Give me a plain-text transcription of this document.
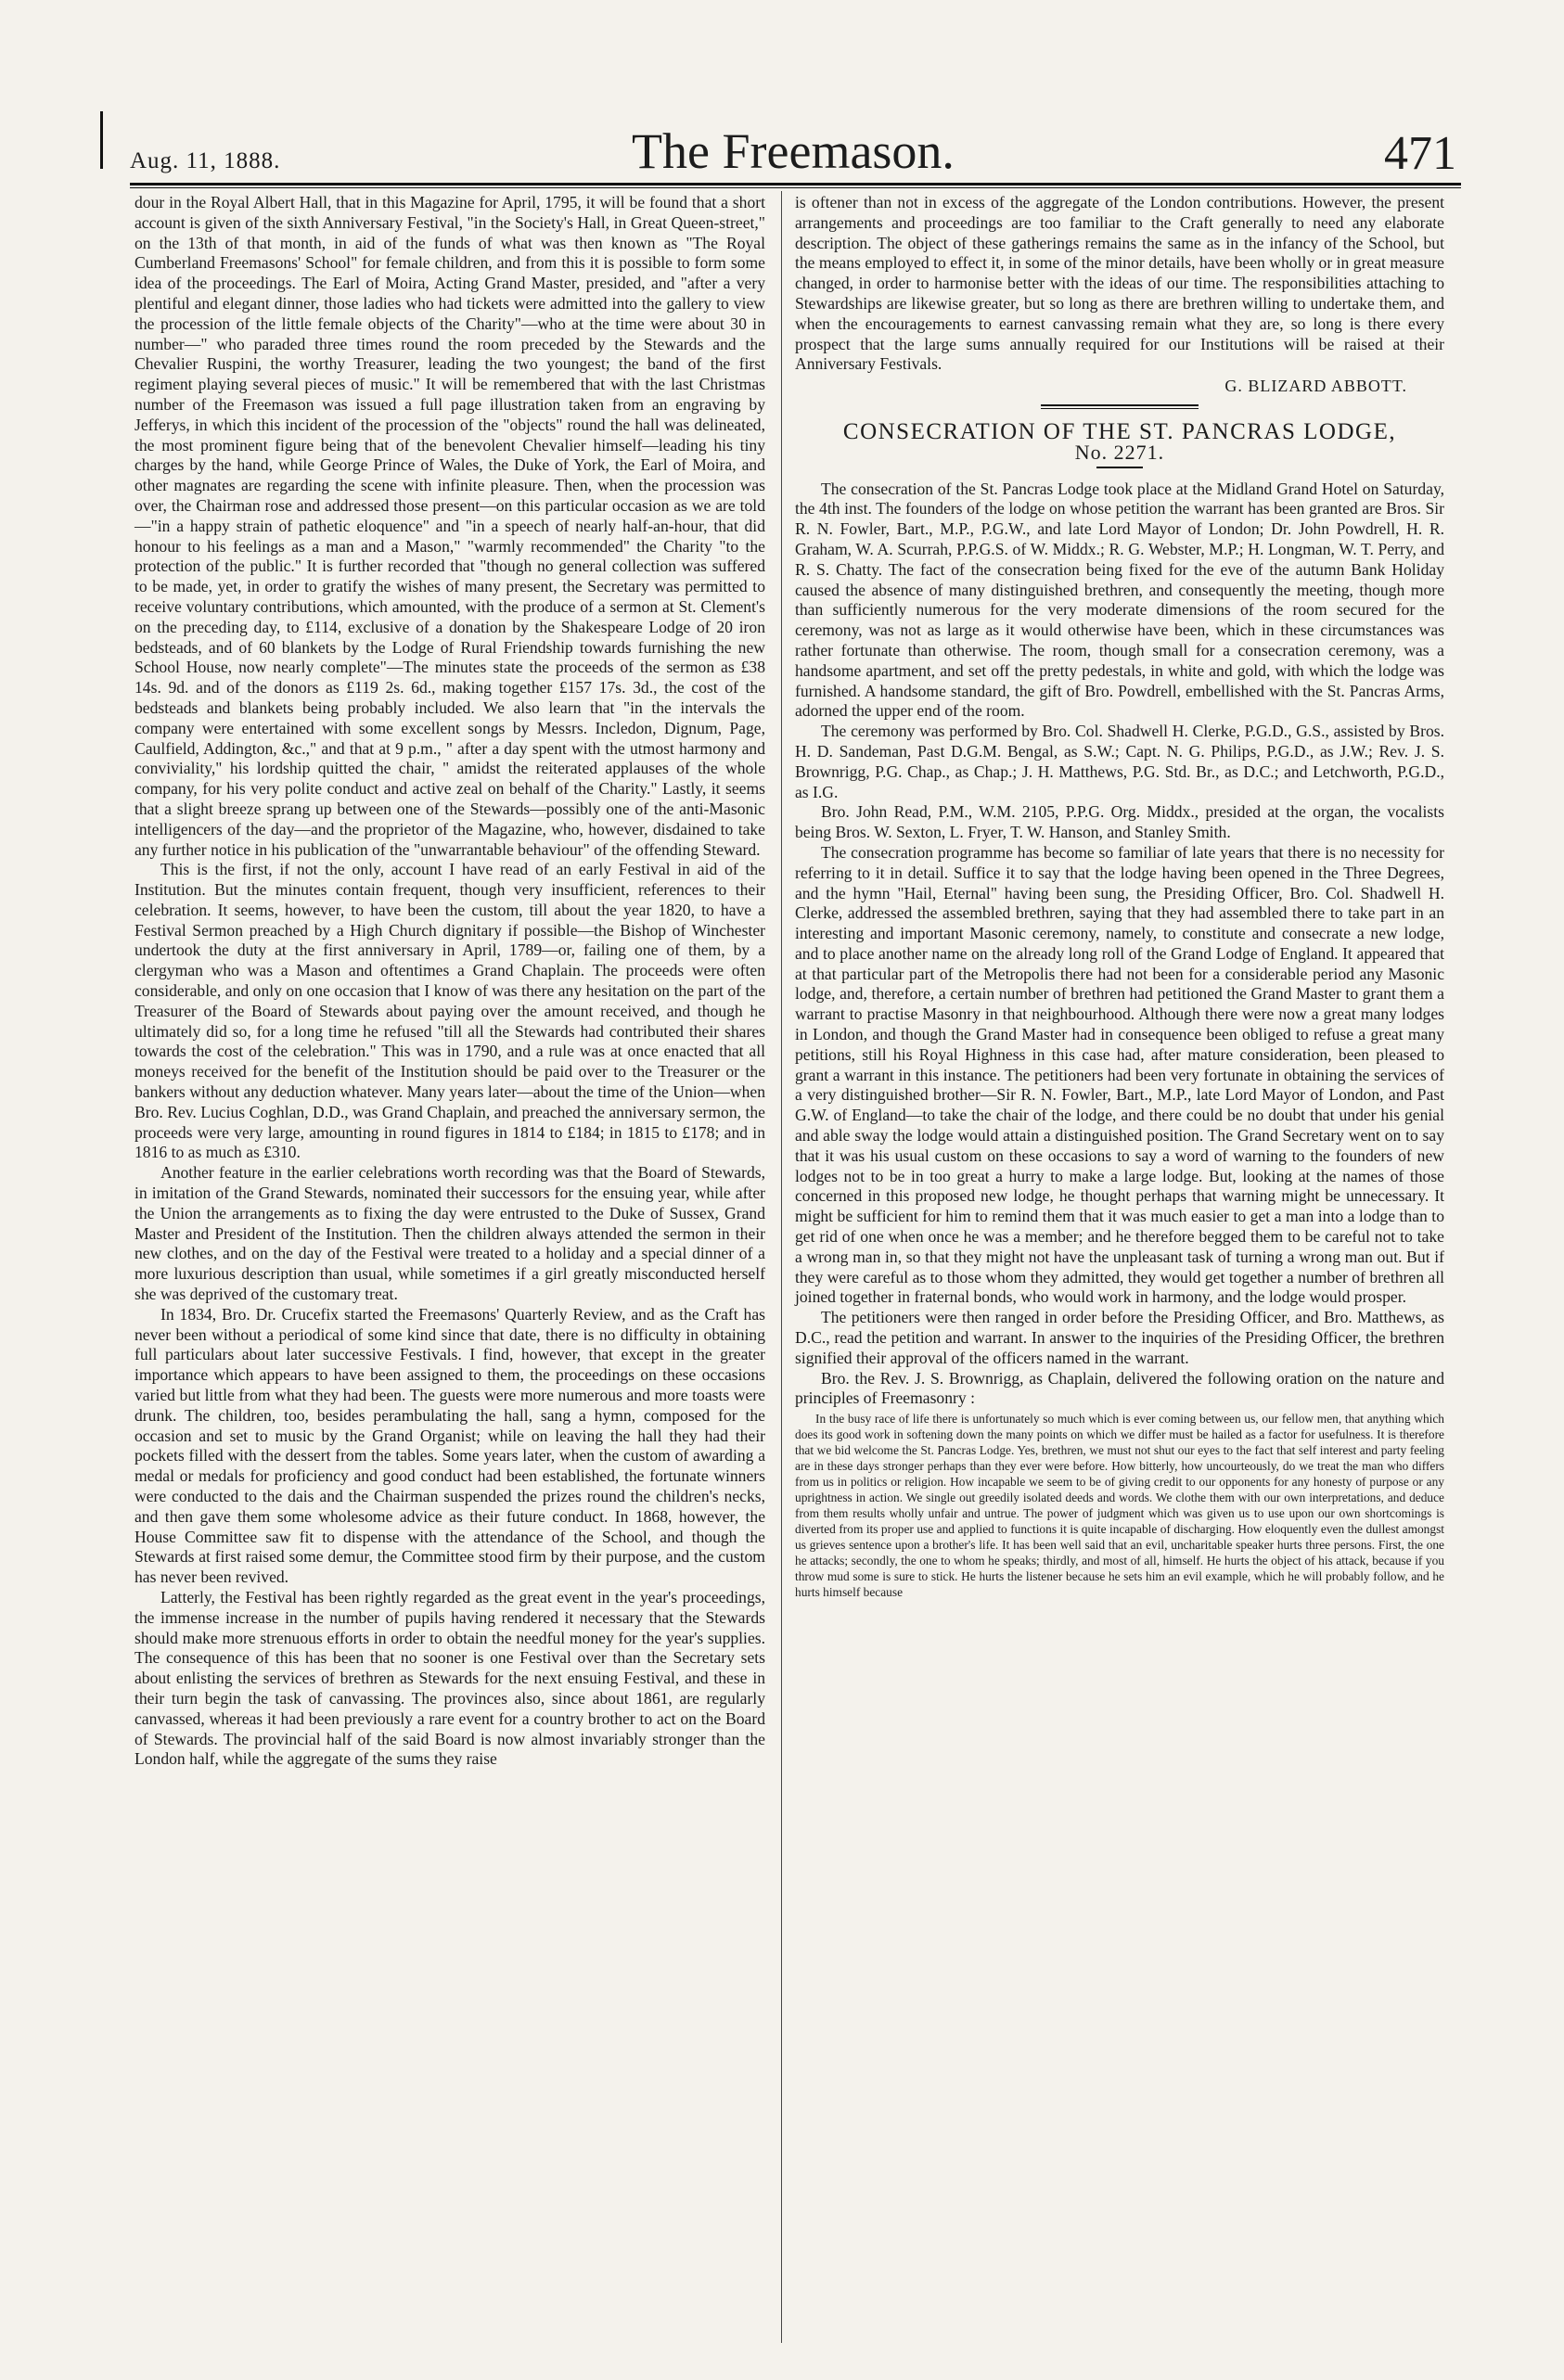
Aug. 11, 1888.	The Freemason.	471

dour in the Royal Albert Hall, that in this Magazine for April, 1795, it will be found that a short account is given of the sixth Anniversary Festival, "in the Society's Hall, in Great Queen-street," on the 13th of that month, in aid of the funds of what was then known as "The Royal Cumberland Freemasons' School" for female children, and from this it is possible to form some idea of the proceedings. The Earl of Moira, Acting Grand Master, presided, and "after a very plentiful and elegant dinner, those ladies who had tickets were admitted into the gallery to view the procession of the little female objects of the Charity"—who at the time were about 30 in number—" who paraded three times round the room preceded by the Stewards and the Chevalier Ruspini, the worthy Treasurer, leading the two youngest; the band of the first regiment playing several pieces of music." It will be remembered that with the last Christmas number of the Freemason was issued a full page illustration taken from an engraving by Jefferys, in which this incident of the procession of the "objects" round the hall was delineated, the most prominent figure being that of the benevolent Chevalier himself—leading his tiny charges by the hand, while George Prince of Wales, the Duke of York, the Earl of Moira, and other magnates are regarding the scene with infinite pleasure. Then, when the procession was over, the Chairman rose and addressed those present—on this particular occasion as we are told—"in a happy strain of pathetic eloquence" and "in a speech of nearly half-an-hour, that did honour to his feelings as a man and a Mason," "warmly recommended" the Charity "to the protection of the public." It is further recorded that "though no general collection was suffered to be made, yet, in order to gratify the wishes of many present, the Secretary was permitted to receive voluntary contributions, which amounted, with the produce of a sermon at St. Clement's on the preceding day, to £114, exclusive of a donation by the Shakespeare Lodge of 20 iron bedsteads, and of 60 blankets by the Lodge of Rural Friendship towards furnishing the new School House, now nearly complete"—The minutes state the proceeds of the sermon as £38 14s. 9d. and of the donors as £119 2s. 6d., making together £157 17s. 3d., the cost of the bedsteads and blankets being probably included. We also learn that "in the intervals the company were entertained with some excellent songs by Messrs. Incledon, Dignum, Page, Caulfield, Addington, &c.," and that at 9 p.m., " after a day spent with the utmost harmony and conviviality," his lordship quitted the chair, " amidst the reiterated applauses of the whole company, for his very polite conduct and active zeal on behalf of the Charity." Lastly, it seems that a slight breeze sprang up between one of the Stewards—possibly one of the anti-Masonic intelligencers of the day—and the proprietor of the Magazine, who, however, disdained to take any further notice in his publication of the "unwarrantable behaviour" of the offending Steward.

This is the first, if not the only, account I have read of an early Festival in aid of the Institution. But the minutes contain frequent, though very insufficient, references to their celebration. It seems, however, to have been the custom, till about the year 1820, to have a Festival Sermon preached by a High Church dignitary if possible—the Bishop of Winchester undertook the duty at the first anniversary in April, 1789—or, failing one of them, by a clergyman who was a Mason and oftentimes a Grand Chaplain. The proceeds were often considerable, and only on one occasion that I know of was there any hesitation on the part of the Treasurer of the Board of Stewards about paying over the amount received, and though he ultimately did so, for a long time he refused "till all the Stewards had contributed their shares towards the cost of the celebration." This was in 1790, and a rule was at once enacted that all moneys received for the benefit of the Institution should be paid over to the Treasurer or the bankers without any deduction whatever. Many years later—about the time of the Union—when Bro. Rev. Lucius Coghlan, D.D., was Grand Chaplain, and preached the anniversary sermon, the proceeds were very large, amounting in round figures in 1814 to £184; in 1815 to £178; and in 1816 to as much as £310.

Another feature in the earlier celebrations worth recording was that the Board of Stewards, in imitation of the Grand Stewards, nominated their successors for the ensuing year, while after the Union the arrangements as to fixing the day were entrusted to the Duke of Sussex, Grand Master and President of the Institution. Then the children always attended the sermon in their new clothes, and on the day of the Festival were treated to a holiday and a special dinner of a more luxurious description than usual, while sometimes if a girl greatly misconducted herself she was deprived of the customary treat.

In 1834, Bro. Dr. Crucefix started the Freemasons' Quarterly Review, and as the Craft has never been without a periodical of some kind since that date, there is no difficulty in obtaining full particulars about later successive Festivals. I find, however, that except in the greater importance which appears to have been assigned to them, the proceedings on these occasions varied but little from what they had been. The guests were more numerous and more toasts were drunk. The children, too, besides perambulating the hall, sang a hymn, composed for the occasion and set to music by the Grand Organist; while on leaving the hall they had their pockets filled with the dessert from the tables. Some years later, when the custom of awarding a medal or medals for proficiency and good conduct had been established, the fortunate winners were conducted to the dais and the Chairman suspended the prizes round the children's necks, and then gave them some wholesome advice as their future conduct. In 1868, however, the House Committee saw fit to dispense with the attendance of the School, and though the Stewards at first raised some demur, the Committee stood firm by their purpose, and the custom has never been revived.

Latterly, the Festival has been rightly regarded as the great event in the year's proceedings, the immense increase in the number of pupils having rendered it necessary that the Stewards should make more strenuous efforts in order to obtain the needful money for the year's supplies. The consequence of this has been that no sooner is one Festival over than the Secretary sets about enlisting the services of brethren as Stewards for the next ensuing Festival, and these in their turn begin the task of canvassing. The provinces also, since about 1861, are regularly canvassed, whereas it had been previously a rare event for a country brother to act on the Board of Stewards. The provincial half of the said Board is now almost invariably stronger than the London half, while the aggregate of the sums they raise

is oftener than not in excess of the aggregate of the London contributions. However, the present arrangements and proceedings are too familiar to the Craft generally to need any elaborate description. The object of these gatherings remains the same as in the infancy of the School, but the means employed to effect it, in some of the minor details, have been wholly or in great measure changed, in order to harmonise better with the ideas of our time. The responsibilities attaching to Stewardships are likewise greater, but so long as there are brethren willing to undertake them, and when the encouragements to earnest canvassing remain what they are, so long is there every prospect that the large sums annually required for our Institutions will be raised at their Anniversary Festivals.

G. BLIZARD ABBOTT.
CONSECRATION OF THE ST. PANCRAS LODGE,
No. 2271.

The consecration of the St. Pancras Lodge took place at the Midland Grand Hotel on Saturday, the 4th inst. The founders of the lodge on whose petition the warrant has been granted are Bros. Sir R. N. Fowler, Bart., M.P., P.G.W., and late Lord Mayor of London; Dr. John Powdrell, H. R. Graham, W. A. Scurrah, P.P.G.S. of W. Middx.; R. G. Webster, M.P.; H. Longman, W. T. Perry, and R. S. Chatty. The fact of the consecration being fixed for the eve of the autumn Bank Holiday caused the absence of many distinguished brethren, and consequently the meeting, though more than sufficiently numerous for the very moderate dimensions of the room secured for the ceremony, was not as large as it would otherwise have been, which in these circumstances was rather fortunate than otherwise. The room, though small for a consecration ceremony, was a handsome apartment, and set off the pretty pedestals, in white and gold, with which the lodge was furnished. A handsome standard, the gift of Bro. Powdrell, embellished with the St. Pancras Arms, adorned the upper end of the room.

The ceremony was performed by Bro. Col. Shadwell H. Clerke, P.G.D., G.S., assisted by Bros. H. D. Sandeman, Past D.G.M. Bengal, as S.W.; Capt. N. G. Philips, P.G.D., as J.W.; Rev. J. S. Brownrigg, P.G. Chap., as Chap.; J. H. Matthews, P.G. Std. Br., as D.C.; and Letchworth, P.G.D., as I.G.

Bro. John Read, P.M., W.M. 2105, P.P.G. Org. Middx., presided at the organ, the vocalists being Bros. W. Sexton, L. Fryer, T. W. Hanson, and Stanley Smith.

The consecration programme has become so familiar of late years that there is no necessity for referring to it in detail. Suffice it to say that the lodge having been opened in the Three Degrees, and the hymn "Hail, Eternal" having been sung, the Presiding Officer, Bro. Col. Shadwell H. Clerke, addressed the assembled brethren, saying that they had assembled there to take part in an interesting and important Masonic ceremony, namely, to constitute and consecrate a new lodge, and to place another name on the already long roll of the Grand Lodge of England. It appeared that at that particular part of the Metropolis there had not been for a considerable period any Masonic lodge, and, therefore, a certain number of brethren had petitioned the Grand Master to grant them a warrant to practise Masonry in that neighbourhood. Although there were now a great many lodges in London, and though the Grand Master had in consequence been obliged to refuse a great many petitions, still his Royal Highness in this case had, after mature consideration, been pleased to grant a warrant in this instance. The petitioners had been very fortunate in obtaining the services of a very distinguished brother—Sir R. N. Fowler, Bart., M.P., late Lord Mayor of London, and Past G.W. of England—to take the chair of the lodge, and there could be no doubt that under his genial and able sway the lodge would attain a distinguished position. The Grand Secretary went on to say that it was his usual custom on these occasions to say a word of warning to the founders of new lodges not to be in too great a hurry to make a large lodge. But, looking at the names of those concerned in this proposed new lodge, he thought perhaps that warning might be unnecessary. It might be sufficient for him to remind them that it was much easier to get a man into a lodge than to get rid of one when once he was a member; and he therefore begged them to be careful not to take a wrong man in, so that they might not have the unpleasant task of turning a wrong man out. But if they were careful as to those whom they admitted, they would get together a number of brethren all joined together in fraternal bonds, who would work in harmony, and the lodge would prosper.

The petitioners were then ranged in order before the Presiding Officer, and Bro. Matthews, as D.C., read the petition and warrant. In answer to the inquiries of the Presiding Officer, the brethren signified their approval of the officers named in the warrant.

Bro. the Rev. J. S. Brownrigg, as Chaplain, delivered the following oration on the nature and principles of Freemasonry :

In the busy race of life there is unfortunately so much which is ever coming between us, our fellow men, that anything which does its good work in softening down the many points on which we differ must be hailed as a factor for usefulness. It is therefore that we bid welcome the St. Pancras Lodge. Yes, brethren, we must not shut our eyes to the fact that self interest and party feeling are in these days stronger perhaps than they ever were before. How bitterly, how uncourteously, do we treat the man who differs from us in politics or religion. How incapable we seem to be of giving credit to our opponents for any honesty of purpose or any uprightness in action. We single out greedily isolated deeds and words. We clothe them with our own interpretations, and deduce from them results wholly unfair and untrue. The power of judgment which was given us to use upon our own shortcomings is diverted from its proper use and applied to functions it is quite incapable of discharging. How eloquently even the dullest amongst us grieves sentence upon a brother's life. It has been well said that an evil, uncharitable speaker hurts three persons. First, the one he attacks; secondly, the one to whom he speaks; thirdly, and most of all, himself. He hurts the object of his attack, because if you throw mud some is sure to stick. He hurts the listener because he sets him an evil example, which he will probably follow, and he hurts himself because
